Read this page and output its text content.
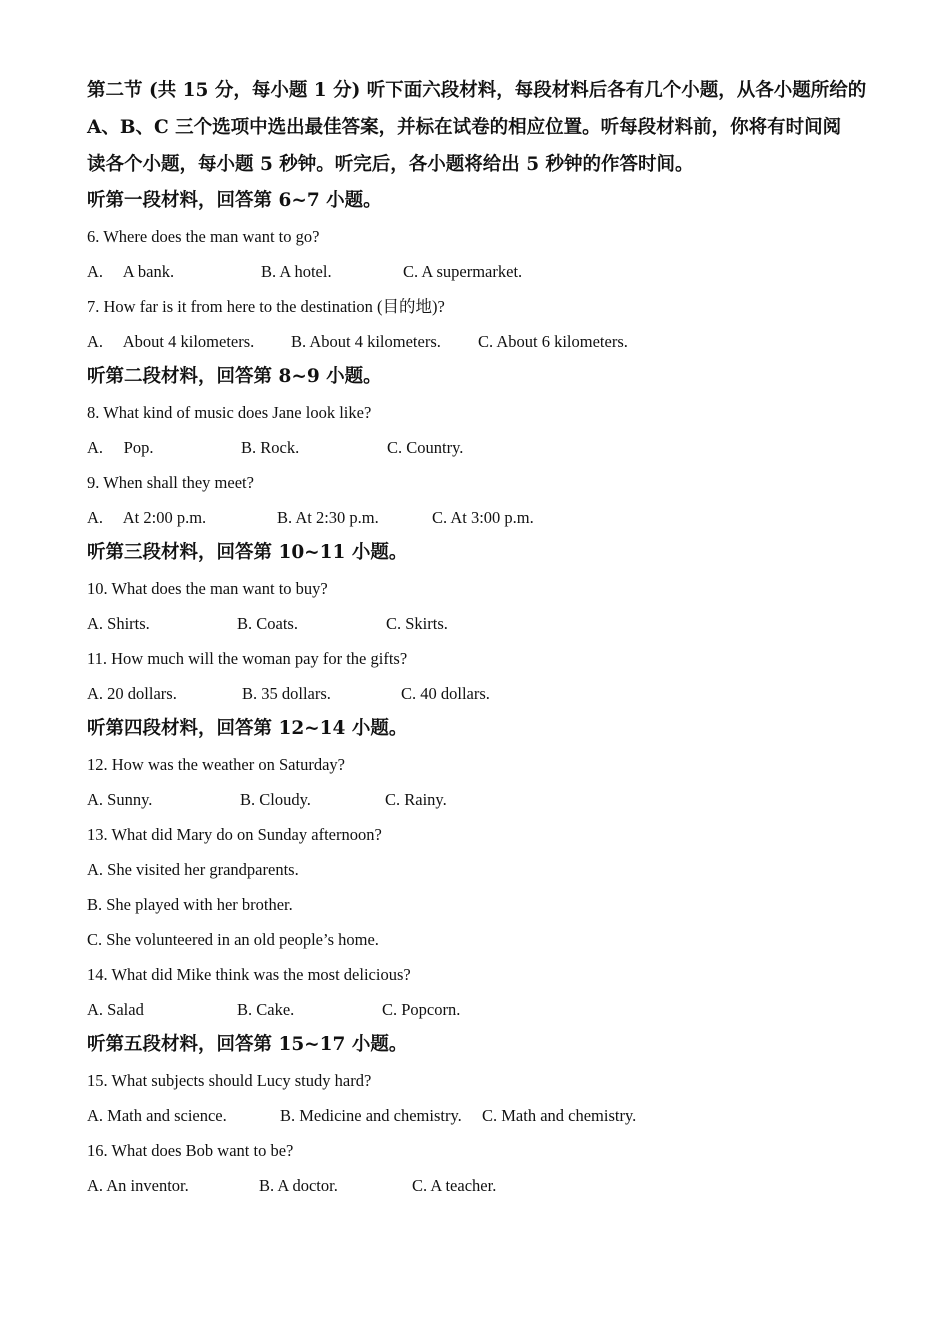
第二节 (共 15 分，每小题 1 分) 听下面六段材料，每段材料后各有几个小题，从各小题所给的
A、B、C 三个选项中选出最佳答案，并标在试卷的相应位置。听每段材料前，你将有时间阅
读各个小题，每小题 5 秒钟。听完后，各小题将给出 5 秒钟的作答时间。
听第一段材料，回答第 6~7 小题。
6. Where does the man want to go?
A.     A bank.	B. A hotel.	C. A supermarket.
7. How far is it from here to the destination (目的地)?
A.     About 4 kilometers. B. About 4 kilometers. C. About 6 kilometers.
听第二段材料，回答第 8~9 小题。
8. What kind of music does Jane look like?
A.     Pop.	B. Rock.	C. Country.
9. When shall they meet?
A.     At 2:00 p.m.	B. At 2:30 p.m.	C. At 3:00 p.m.
听第三段材料，回答第 10~11 小题。
10. What does the man want to buy?
A. Shirts.	B. Coats.	C. Skirts.
11. How much will the woman pay for the gifts?
A. 20 dollars.	B. 35 dollars.	C. 40 dollars.
听第四段材料，回答第 12~14 小题。
12. How was the weather on Saturday?
A. Sunny.	B. Cloudy.	C. Rainy.
13. What did Mary do on Sunday afternoon?
A. She visited her grandparents.
B. She played with her brother.
C. She volunteered in an old people’s home.
14. What did Mike think was the most delicious?
A. Salad	B. Cake.	C. Popcorn.
听第五段材料，回答第 15~17 小题。
15. What subjects should Lucy study hard?
A. Math and science.	B. Medicine and chemistry. C. Math and chemistry.
16. What does Bob want to be?
A. An inventor.	B. A doctor.	C. A teacher.
